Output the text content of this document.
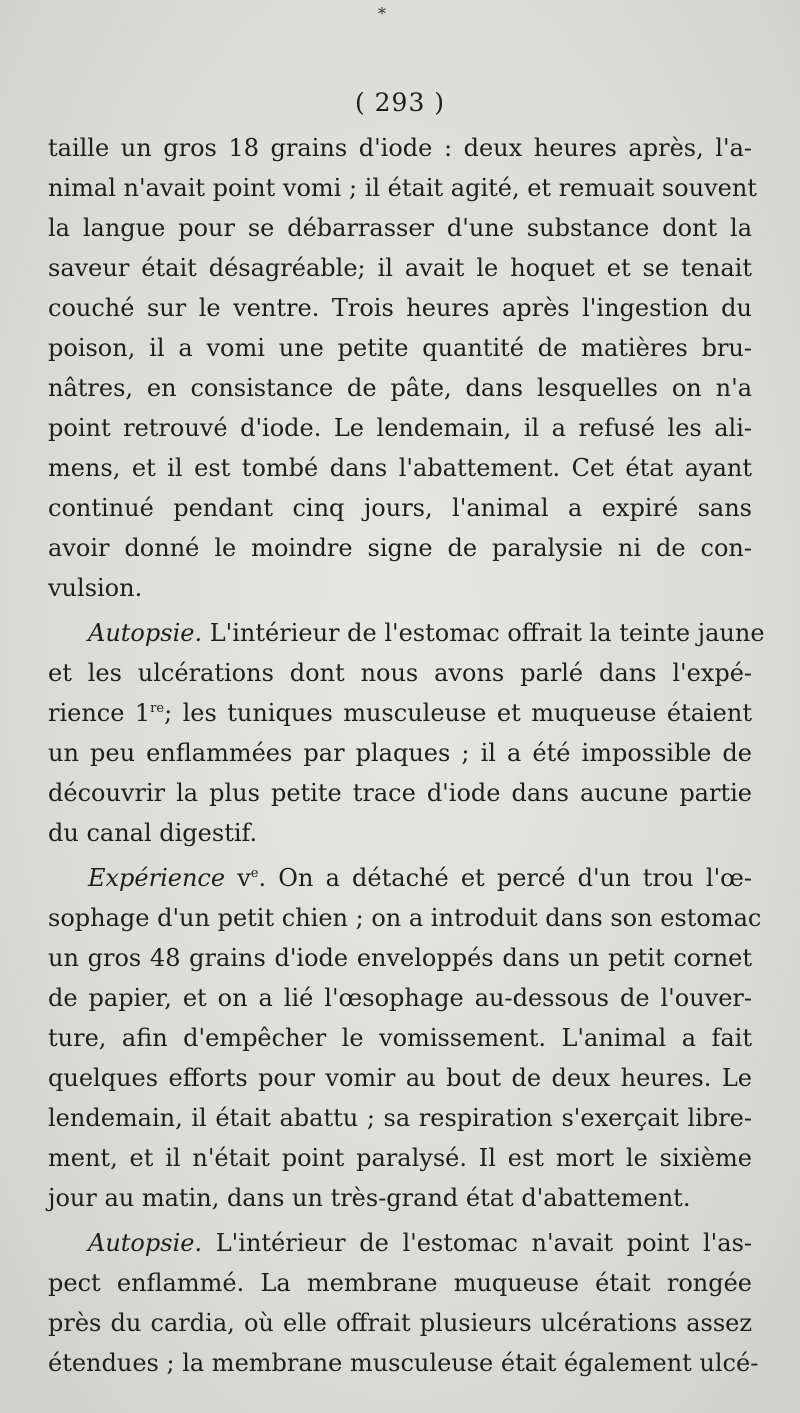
*
( 293 )
taille un gros 18 grains d'iode : deux heures après, l'a-
nimal n'avait point vomi ; il était agité, et remuait souvent
la langue pour se débarrasser d'une substance dont la
saveur était désagréable; il avait le hoquet et se tenait
couché sur le ventre. Trois heures après l'ingestion du
poison, il a vomi une petite quantité de matières bru-
nâtres, en consistance de pâte, dans lesquelles on n'a
point retrouvé d'iode. Le lendemain, il a refusé les ali-
mens, et il est tombé dans l'abattement. Cet état ayant
continué pendant cinq jours, l'animal a expiré sans
avoir donné le moindre signe de paralysie ni de con-
vulsion.
Autopsie. L'intérieur de l'estomac offrait la teinte jaune
et les ulcérations dont nous avons parlé dans l'expé-
rience 1re; les tuniques musculeuse et muqueuse étaient
un peu enflammées par plaques ; il a été impossible de
découvrir la plus petite trace d'iode dans aucune partie
du canal digestif.
Expérience $v^e$. On a détaché et percé d'un trou l'œ-
sophage d'un petit chien ; on a introduit dans son estomac
un gros 48 grains d'iode enveloppés dans un petit cornet
de papier, et on a lié l'œsophage au-dessous de l'ouver-
ture, afin d'empêcher le vomissement. L'animal a fait
quelques efforts pour vomir au bout de deux heures. Le
lendemain, il était abattu ; sa respiration s'exerçait libre-
ment, et il n'était point paralysé. Il est mort le sixième
jour au matin, dans un très-grand état d'abattement.
Autopsie. L'intérieur de l'estomac n'avait point l'as-
pect enflammé. La membrane muqueuse était rongée
près du cardia, où elle offrait plusieurs ulcérations assez
étendues ; la membrane musculeuse était également ulcé-
